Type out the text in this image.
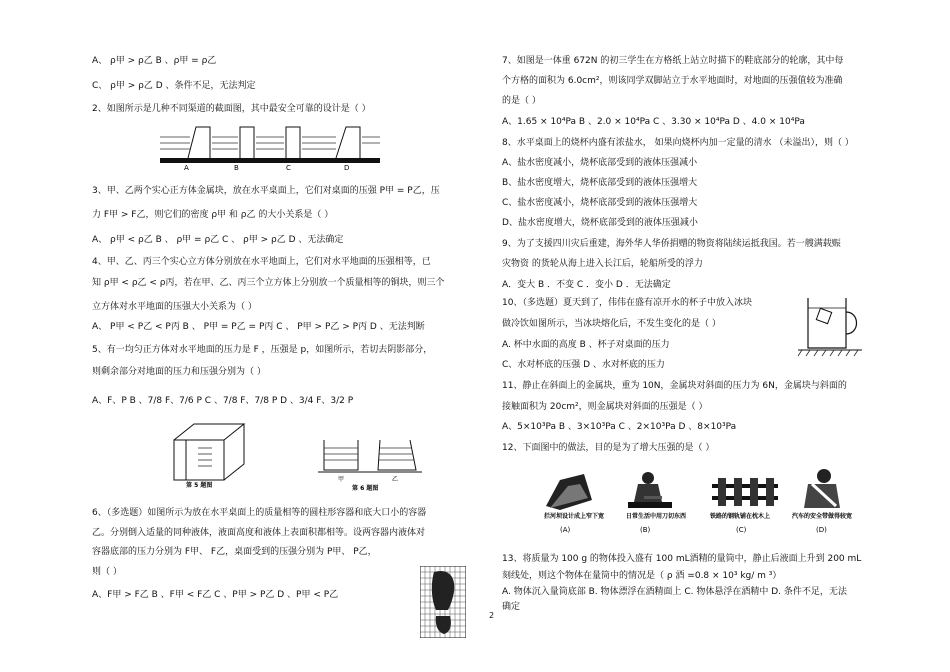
A、 ρ甲 > ρ乙 B 、ρ甲 = ρ乙
C、 ρ甲 > ρ乙 D 、条件不足，无法判定
2、如图所示是几种不同渠道的截面图，其中最安全可靠的设计是（ ）
A	B	C	D
3、甲、乙两个实心正方体金属块，放在水平桌面上，它们对桌面的压强 P甲 = P乙，压
力 F甲 > F乙，则它们的密度 ρ甲 和 ρ乙 的大小关系是（ ）
A、 ρ甲 < ρ乙 B 、 ρ甲 = ρ乙 C 、 ρ甲 > ρ乙 D 、无法确定
4、甲、乙、丙三个实心立方体分别放在水平地面上，它们对水平地面的压强相等，已
知 ρ甲 < ρ乙 < ρ丙，若在甲、乙、丙三个立方体上分别放一个质量相等的铜块，则三个
立方体对水平地面的压强大小关系为（ ）
A、 P甲 < P乙 < P丙 B 、 P甲 = P乙 = P丙 C 、 P甲 > P乙 > P丙 D 、无法判断
5、有一均匀正方体对水平地面的压力是 F ，压强是 p，如图所示，若切去阴影部分，
则剩余部分对地面的压力和压强分别为（ ）
A、F、P B 、7/8 F、7/6 P C 、7/8 F、7/8 P D 、3/4 F、3/2 P
第 5 题图
甲	乙
第 6 题图
6、（多选题）如图所示为放在水平桌面上的质量相等的圆柱形容器和底大口小的容器
乙。分别倒入适量的同种液体，液面高度和液体上表面积都相等。设两容器内液体对
容器底部的压力分别为 F甲、 F乙，桌面受到的压强分别为 P甲、 P乙，
则（ ）
A、F甲 > F乙 B 、F甲 < F乙 C 、P甲 > P乙 D 、P甲 < P乙
7、如图是一体重 672N 的初三学生在方格纸上站立时描下的鞋底部分的轮廓，其中每
个方格的面积为 6.0cm²，则该同学双脚站立于水平地面时，对地面的压强值较为准确
的是（ ）
A、1.65 × 10⁴Pa B 、2.0 × 10⁴Pa C 、3.30 × 10⁴Pa D 、4.0 × 10⁴Pa
8、水平桌面上的烧杯内盛有浓盐水， 如果向烧杯内加一定量的清水 （未溢出），则（ ）
A、盐水密度减小，烧杯底部受到的液体压强减小
B、盐水密度增大，烧杯底部受到的液体压强增大
C、盐水密度减小，烧杯底部受到的液体压强增大
D、盐水密度增大，烧杯底部受到的液体压强减小
9、为了支援四川灾后重建，海外华人华侨捐赠的物资将陆续运抵我国。若一艘满载赈
灾物资 的货轮从海上进入长江后，轮船所受的浮力
A．变大 B ．不变 C ．变小 D ．无法确定
10、（多选题）夏天到了，伟伟在盛有凉开水的杯子中放入冰块
做冷饮如图所示，当冰块熔化后，不发生变化的是（ ）
A. 杯中水面的高度 B 、杯子对桌面的压力
C、水对杯底的压强 D 、水对杯底的压力
11、静止在斜面上的金属块，重为 10N，金属块对斜面的压力为 6N，金属块与斜面的
接触面积为 20cm²，则金属块对斜面的压强是（ ）
A、5×10³Pa B 、3×10³Pa C 、2×10³Pa D 、8×10³Pa
12、下面图中的做法，目的是为了增大压强的是（ ）
拦河坝设计成上窄下宽	日常生活中用刀切东西	铁路的钢轨铺在枕木上	汽车的安全带做得较宽
(A)	(B)	(C)	(D)
13、将质量为 100 g 的物体投入盛有 100 mL酒精的量筒中，静止后液面上升到 200 mL
刻线处，则这个物体在量筒中的情况是（ ρ 酒 =0.8 × 10³ kg/ m ³）
A. 物体沉入量筒底部 B. 物体漂浮在酒精面上 C. 物体悬浮在酒精中 D. 条件不足，无法
确定
2
